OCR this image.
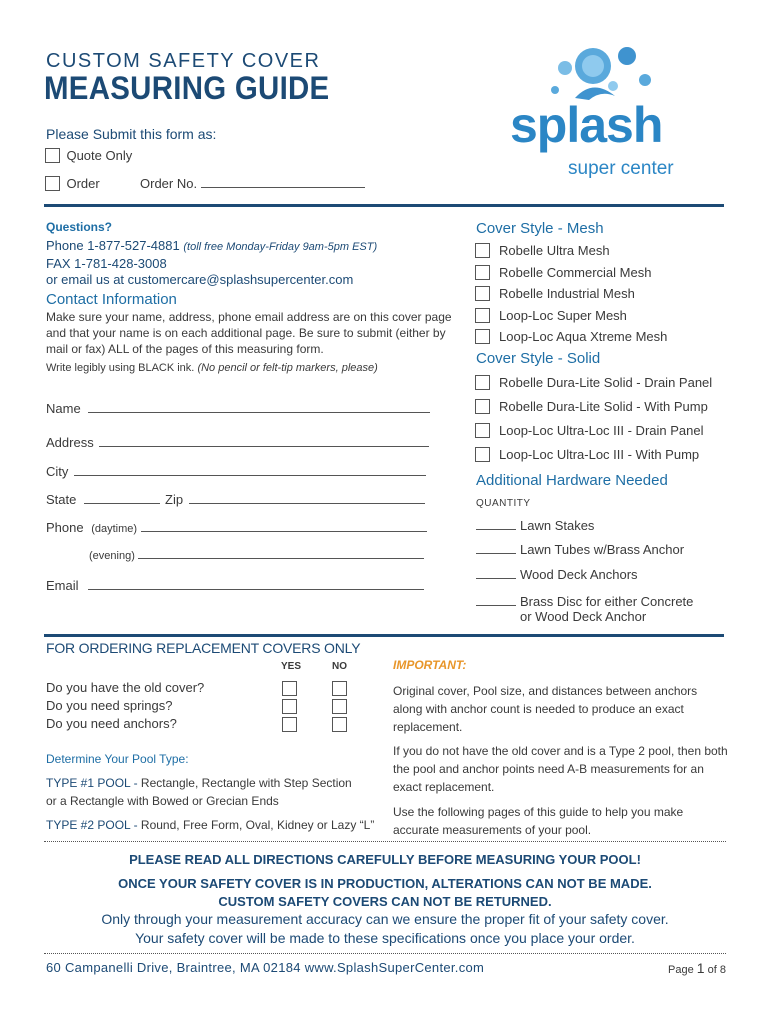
CUSTOM SAFETY COVER
MEASURING GUIDE
Please Submit this form as:
Quote Only
Order	Order No.
splash
super center
Questions?
Phone 1-877-527-4881 (toll free Monday-Friday 9am-5pm EST)
FAX 1-781-428-3008
or email us at customercare@splashsupercenter.com
Contact Information
Make sure your name, address, phone email address are on this cover page and that your name is on each additional page. Be sure to submit (either by mail or fax) ALL of the pages of this measuring form.
Write legibly using BLACK ink. (No pencil or felt-tip markers, please)
Name
Address
City
State	Zip
Phone (daytime)
(evening)
Email
Cover Style - Mesh
Robelle Ultra Mesh
Robelle Commercial Mesh
Robelle Industrial Mesh
Loop-Loc Super Mesh
Loop-Loc Aqua Xtreme Mesh
Cover Style - Solid
Robelle Dura-Lite Solid - Drain Panel
Robelle Dura-Lite Solid - With Pump
Loop-Loc Ultra-Loc III - Drain Panel
Loop-Loc Ultra-Loc III - With Pump
Additional Hardware Needed
QUANTITY
Lawn Stakes
Lawn Tubes w/Brass Anchor
Wood Deck Anchors
Brass Disc for either Concrete
or Wood Deck Anchor
FOR ORDERING REPLACEMENT COVERS ONLY
YES	NO
Do you have the old cover?
Do you need springs?
Do you need anchors?
Determine Your Pool Type:
TYPE #1 POOL - Rectangle, Rectangle with Step Section
or a Rectangle with Bowed or Grecian Ends
TYPE #2 POOL - Round, Free Form, Oval, Kidney or Lazy “L”
IMPORTANT:
Original cover, Pool size, and distances between anchors along with anchor count is needed to produce an exact replacement.
If you do not have the old cover and is a Type 2 pool, then both the pool and anchor points need A-B measurements for an exact replacement.
Use the following pages of this guide to help you make accurate measurements of your pool.
PLEASE READ ALL DIRECTIONS CAREFULLY BEFORE MEASURING YOUR POOL!
ONCE YOUR SAFETY COVER IS IN PRODUCTION, ALTERATIONS CAN NOT BE MADE.
CUSTOM SAFETY COVERS CAN NOT BE RETURNED.
Only through your measurement accuracy can we ensure the proper fit of your safety cover.
Your safety cover will be made to these specifications once you place your order.
60 Campanelli Drive, Braintree, MA 02184 www.SplashSuperCenter.com	Page 1 of 8
